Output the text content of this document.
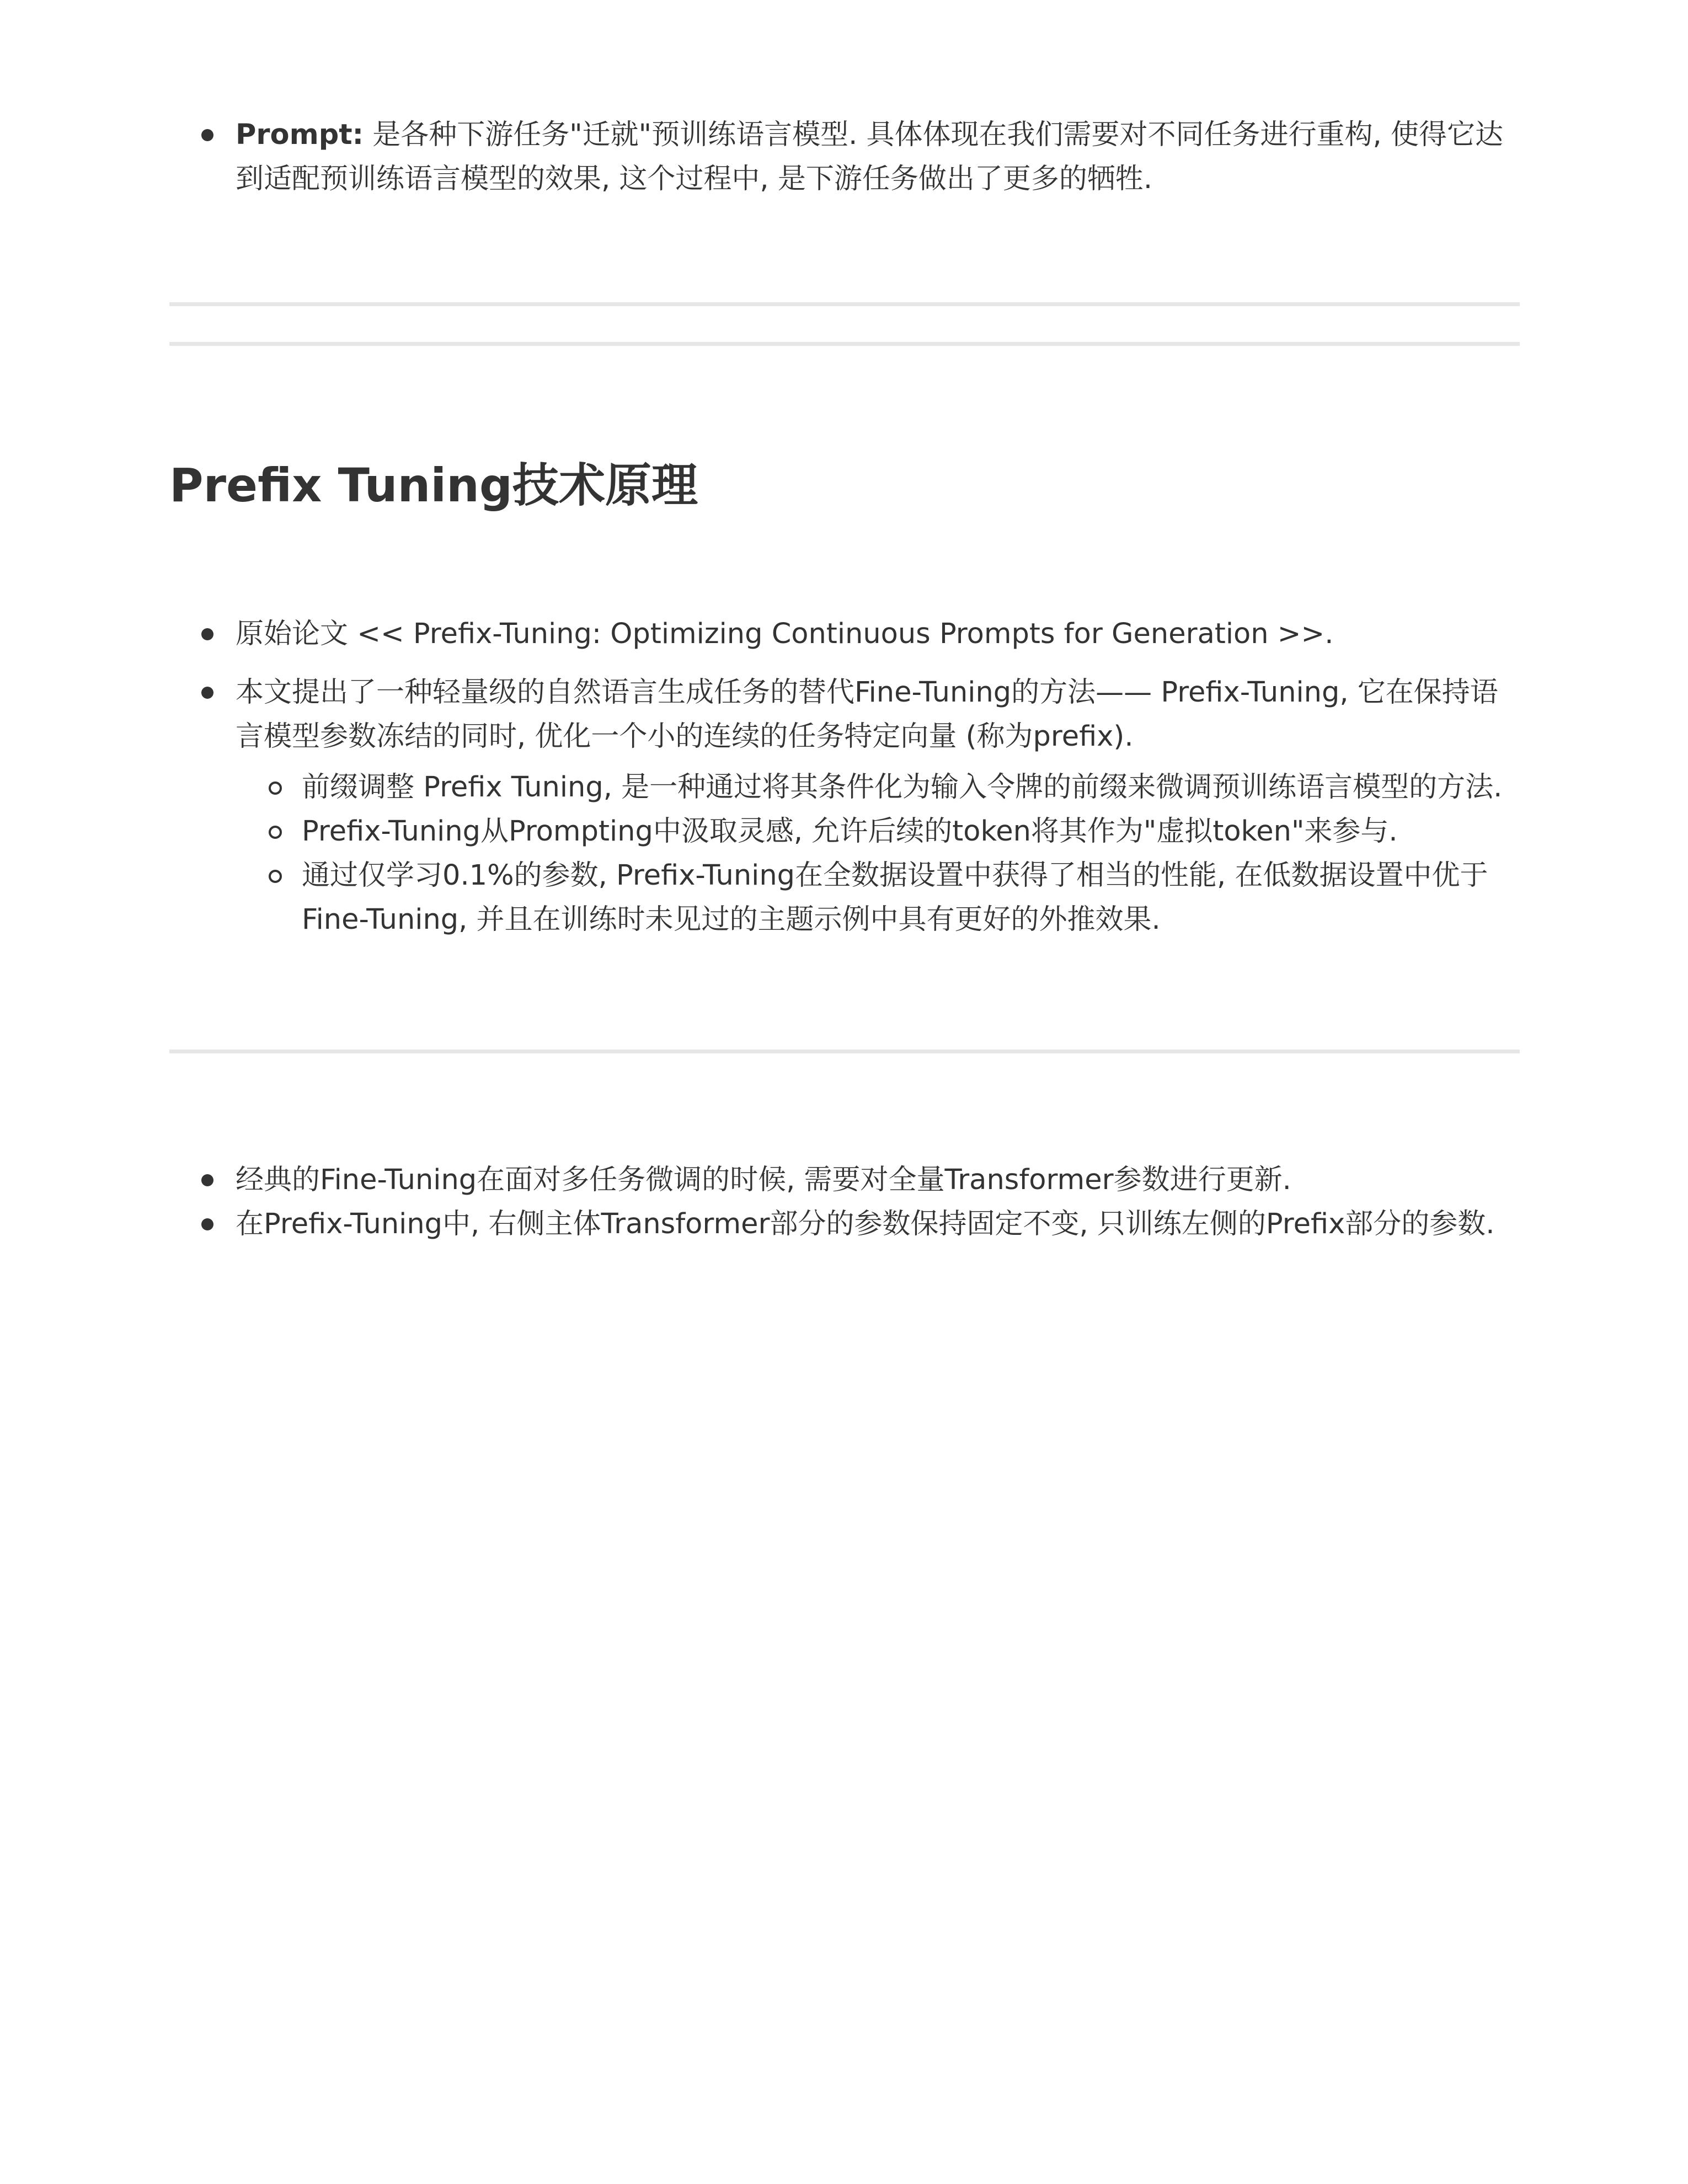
Prompt: 是各种下游任务"迁就"预训练语言模型. 具体体现在我们需要对不同任务进行重构, 使得它达到适配预训练语言模型的效果, 这个过程中, 是下游任务做出了更多的牺牲.
Prefix Tuning技术原理
原始论文 << Prefix-Tuning: Optimizing Continuous Prompts for Generation >>.
本文提出了一种轻量级的自然语言生成任务的替代Fine-Tuning的方法—— Prefix-Tuning, 它在保持语言模型参数冻结的同时, 优化一个小的连续的任务特定向量 (称为prefix).
前缀调整 Prefix Tuning, 是一种通过将其条件化为输入令牌的前缀来微调预训练语言模型的方法.
Prefix-Tuning从Prompting中汲取灵感, 允许后续的token将其作为"虚拟token"来参与.
通过仅学习0.1%的参数, Prefix-Tuning在全数据设置中获得了相当的性能, 在低数据设置中优于Fine-Tuning, 并且在训练时未见过的主题示例中具有更好的外推效果.
经典的Fine-Tuning在面对多任务微调的时候, 需要对全量Transformer参数进行更新.
在Prefix-Tuning中, 右侧主体Transformer部分的参数保持固定不变, 只训练左侧的Prefix部分的参数.
